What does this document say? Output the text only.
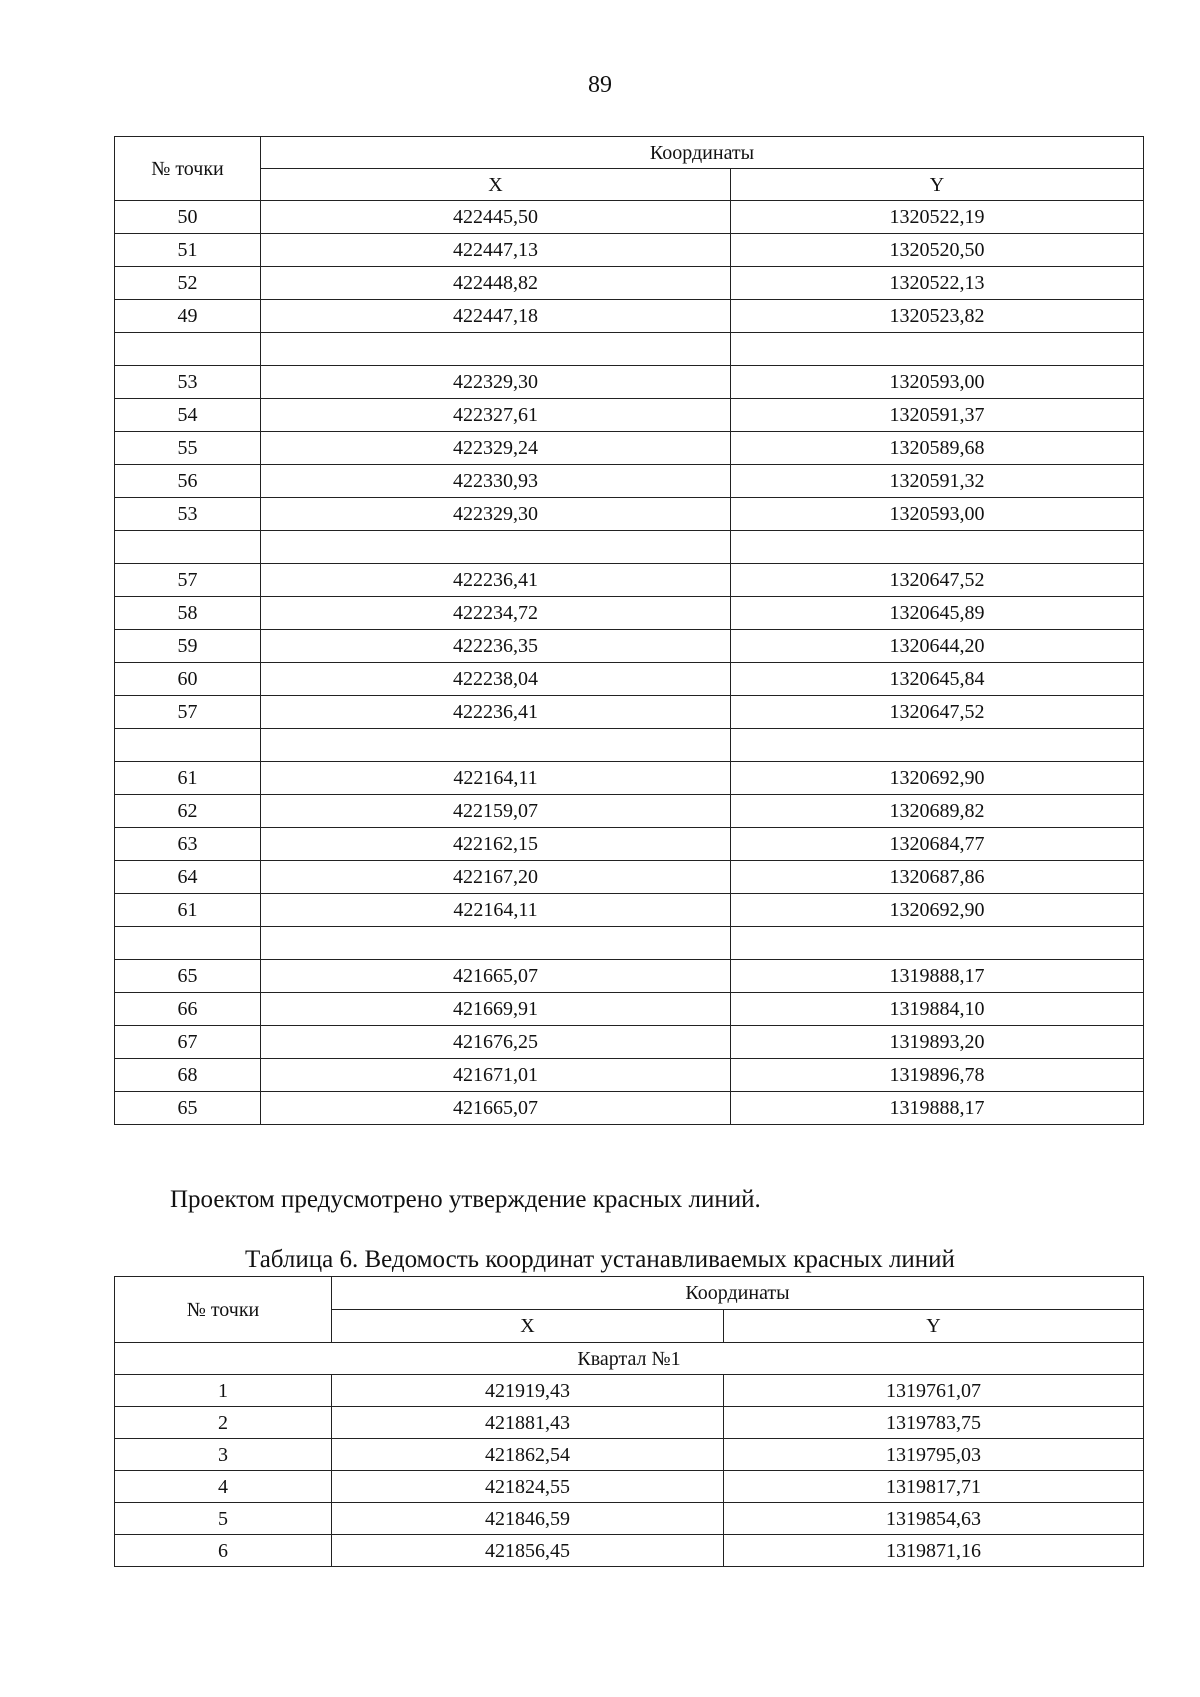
89
№ точки	Координаты	
	X	Y
50	422445,50	1320522,19
51	422447,13	1320520,50
52	422448,82	1320522,13
49	422447,18	1320523,82

53	422329,30	1320593,00
54	422327,61	1320591,37
55	422329,24	1320589,68
56	422330,93	1320591,32
53	422329,30	1320593,00

57	422236,41	1320647,52
58	422234,72	1320645,89
59	422236,35	1320644,20
60	422238,04	1320645,84
57	422236,41	1320647,52

61	422164,11	1320692,90
62	422159,07	1320689,82
63	422162,15	1320684,77
64	422167,20	1320687,86
61	422164,11	1320692,90

65	421665,07	1319888,17
66	421669,91	1319884,10
67	421676,25	1319893,20
68	421671,01	1319896,78
65	421665,07	1319888,17
Проектом предусмотрено утверждение красных линий.
Таблица 6. Ведомость координат устанавливаемых красных линий
№ точки	Координаты	
	X	Y
Квартал №1		
1	421919,43	1319761,07
2	421881,43	1319783,75
3	421862,54	1319795,03
4	421824,55	1319817,71
5	421846,59	1319854,63
6	421856,45	1319871,16
